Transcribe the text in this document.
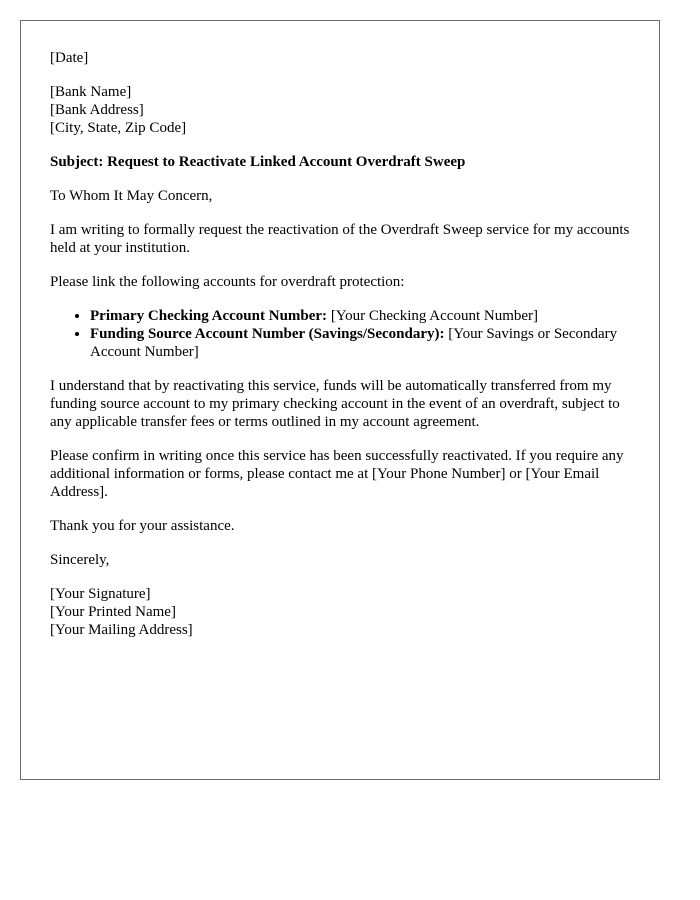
[Date]

[Bank Name]
[Bank Address]
[City, State, Zip Code]

Subject: Request to Reactivate Linked Account Overdraft Sweep

To Whom It May Concern,

I am writing to formally request the reactivation of the Overdraft Sweep service for my accounts held at your institution.

Please link the following accounts for overdraft protection:

• Primary Checking Account Number: [Your Checking Account Number]
• Funding Source Account Number (Savings/Secondary): [Your Savings or Secondary Account Number]

I understand that by reactivating this service, funds will be automatically transferred from my funding source account to my primary checking account in the event of an overdraft, subject to any applicable transfer fees or terms outlined in my account agreement.

Please confirm in writing once this service has been successfully reactivated. If you require any additional information or forms, please contact me at [Your Phone Number] or [Your Email Address].

Thank you for your assistance.

Sincerely,

[Your Signature]
[Your Printed Name]
[Your Mailing Address]
